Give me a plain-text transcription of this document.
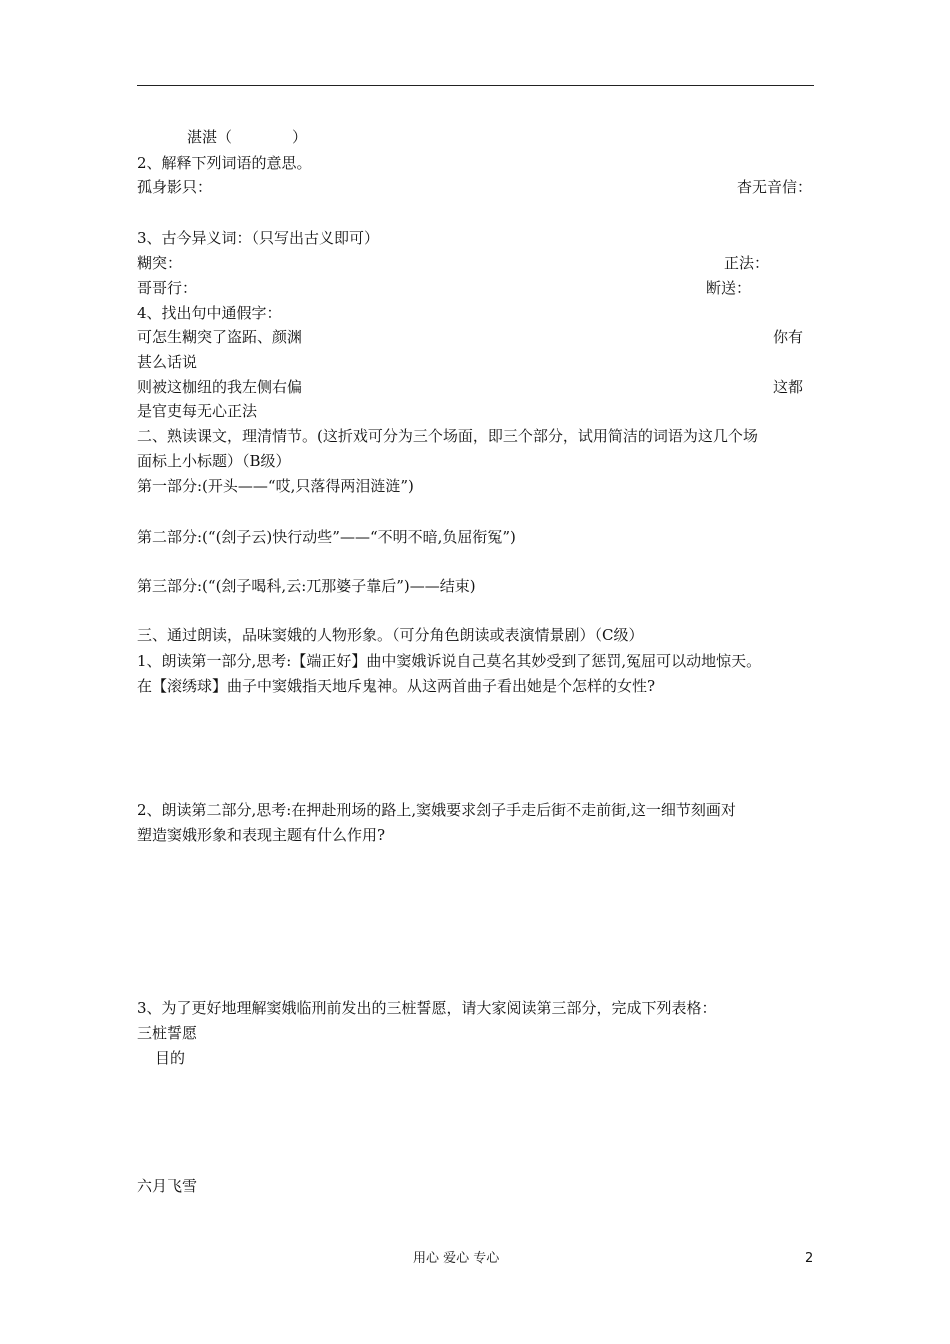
湛湛（　　　　）
2、解释下列词语的意思。
孤身影只：	杳无音信：
3、古今异义词：（只写出古义即可）
糊突：	正法：
哥哥行：	断送：
4、找出句中通假字：
可怎生糊突了盗跖、颜渊	你有
甚么话说
则被这枷纽的我左侧右偏	这都
是官吏每无心正法
二、熟读课文，理清情节。(这折戏可分为三个场面，即三个部分，试用简洁的词语为这几个场
面标上小标题）（B级）
第一部分:(开头——“哎,只落得两泪涟涟”)
第二部分:(“(刽子云)快行动些”——“不明不暗,负屈衔冤”)
第三部分:(“(刽子喝科,云:兀那婆子靠后”)——结束)
三、通过朗读，品味窦娥的人物形象。（可分角色朗读或表演情景剧）（C级）
1、朗读第一部分,思考:【端正好】曲中窦娥诉说自己莫名其妙受到了惩罚,冤屈可以动地惊天。
在【滚绣球】曲子中窦娥指天地斥鬼神。从这两首曲子看出她是个怎样的女性?
2、朗读第二部分,思考:在押赴刑场的路上,窦娥要求刽子手走后街不走前街,这一细节刻画对
塑造窦娥形象和表现主题有什么作用?
3、为了更好地理解窦娥临刑前发出的三桩誓愿，请大家阅读第三部分，完成下列表格：
三桩誓愿
目的
六月飞雪
用心 爱心 专心	2
